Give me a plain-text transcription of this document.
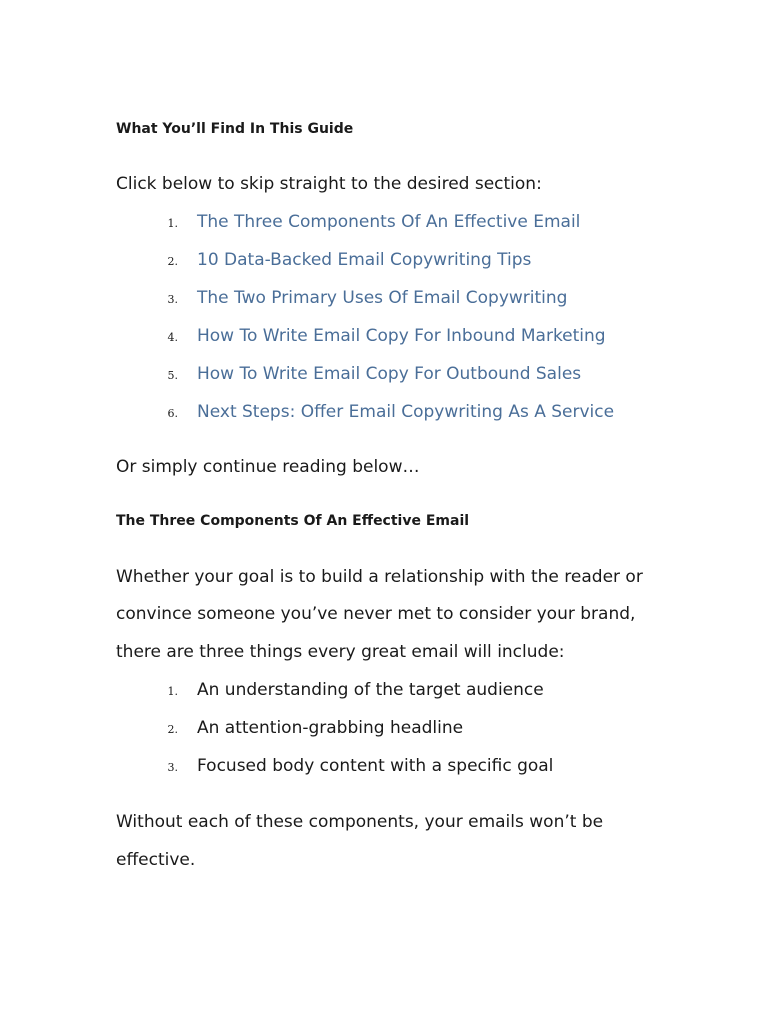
What You’ll Find In This Guide
Click below to skip straight to the desired section:
1. The Three Components Of An Effective Email
2. 10 Data-Backed Email Copywriting Tips
3. The Two Primary Uses Of Email Copywriting
4. How To Write Email Copy For Inbound Marketing
5. How To Write Email Copy For Outbound Sales
6. Next Steps: Offer Email Copywriting As A Service
Or simply continue reading below…
The Three Components Of An Effective Email
Whether your goal is to build a relationship with the reader or
convince someone you’ve never met to consider your brand,
there are three things every great email will include:
1. An understanding of the target audience
2. An attention-grabbing headline
3. Focused body content with a specific goal
Without each of these components, your emails won’t be
effective.
